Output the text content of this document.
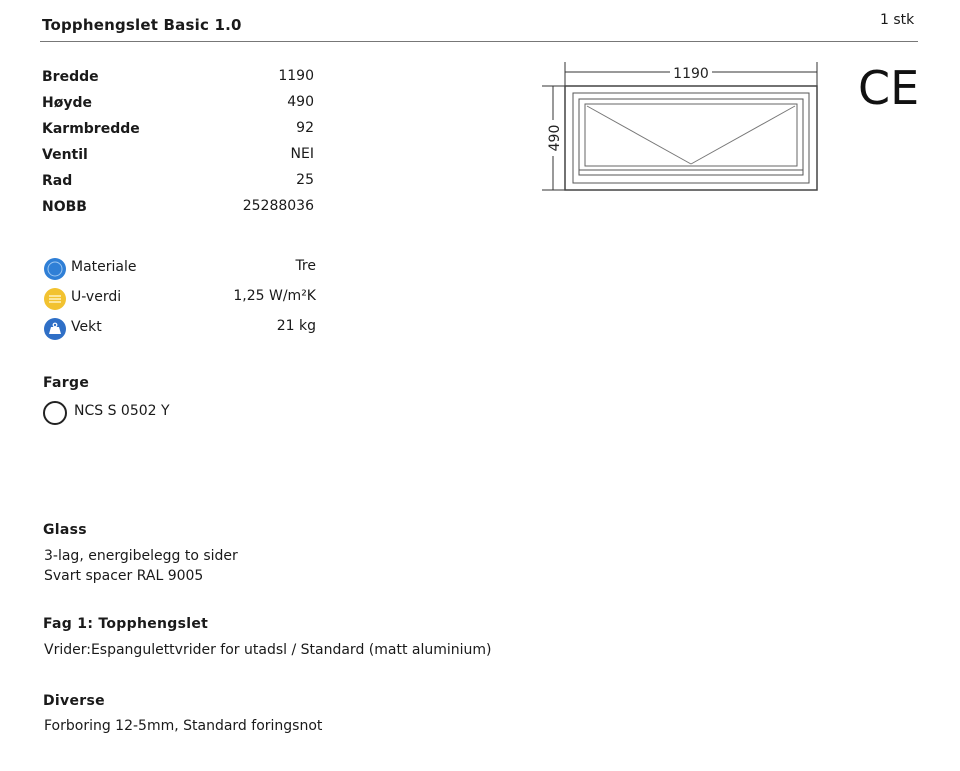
Topphengslet Basic 1.0	1 stk
Bredde	1190
Høyde	490
Karmbredde	92
Ventil	NEI
Rad	25
NOBB	25288036
Materiale	Tre
U-verdi	1,25 W/m²K
Vekt	21 kg
Farge
NCS S 0502 Y
Glass
3-lag, energibelegg to sider
Svart spacer RAL 9005
Fag 1: Topphengslet
Vrider:Espangulettvrider for utadsl / Standard (matt aluminium)
Diverse
Forboring 12-5mm, Standard foringsnot
1190
490
CE
